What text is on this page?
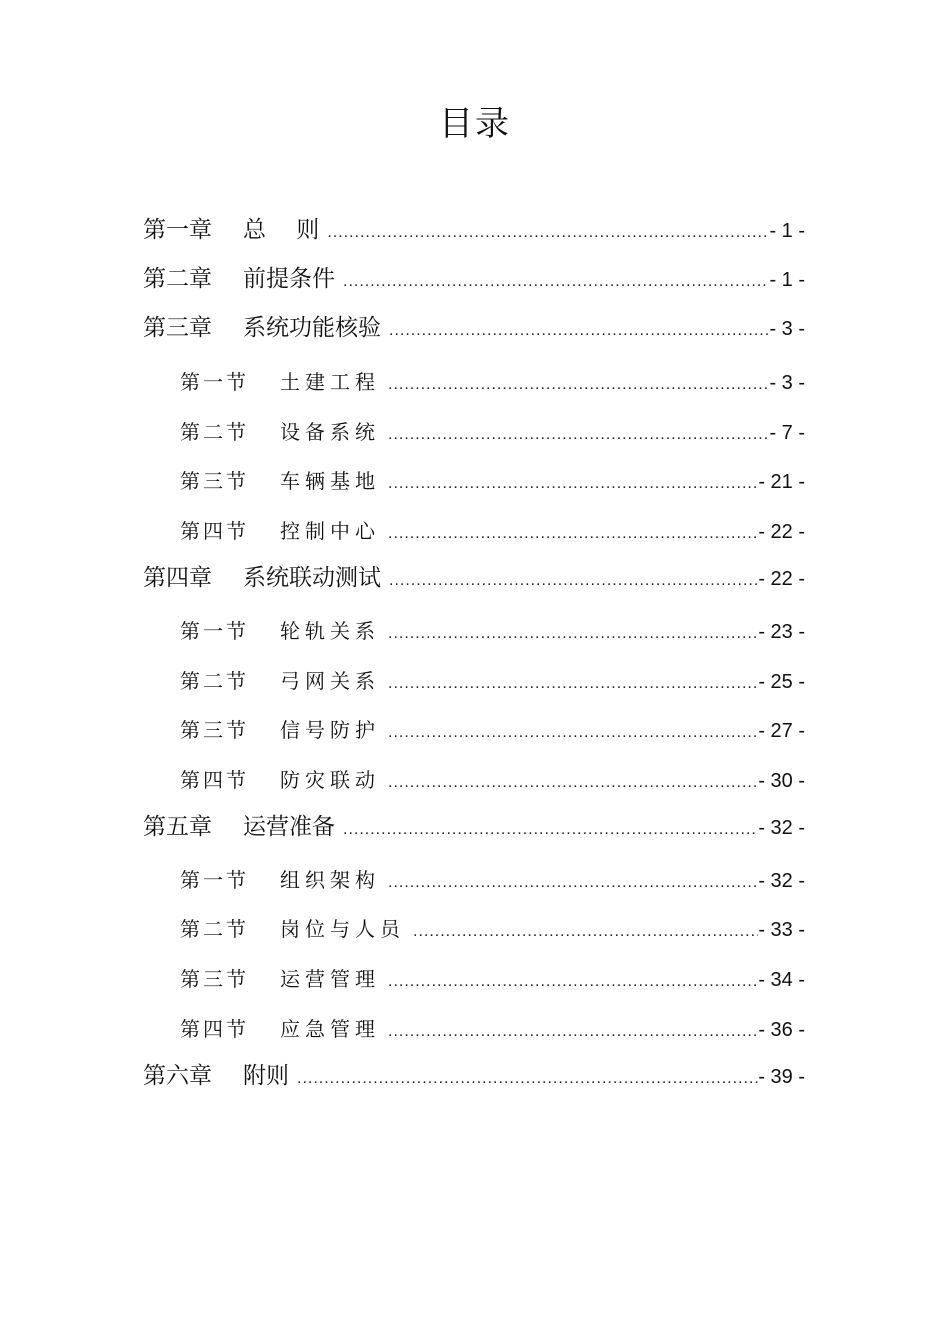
目录
第一章	总　 则 .....	- 1 -
第二章	前提条件 .....	- 1 -
第三章	系统功能核验 .....	- 3 -
第一节	土建工程 .....	- 3 -
第二节	设备系统 .....	- 7 -
第三节	车辆基地 .....	- 21 -
第四节	控制中心 .....	- 22 -
第四章	系统联动测试 .....	- 22 -
第一节	轮轨关系 .....	- 23 -
第二节	弓网关系 .....	- 25 -
第三节	信号防护 .....	- 27 -
第四节	防灾联动 .....	- 30 -
第五章	运营准备 .....	- 32 -
第一节	组织架构 .....	- 32 -
第二节	岗位与人员 .....	- 33 -
第三节	运营管理 .....	- 34 -
第四节	应急管理 .....	- 36 -
第六章	附则 .....	- 39 -
